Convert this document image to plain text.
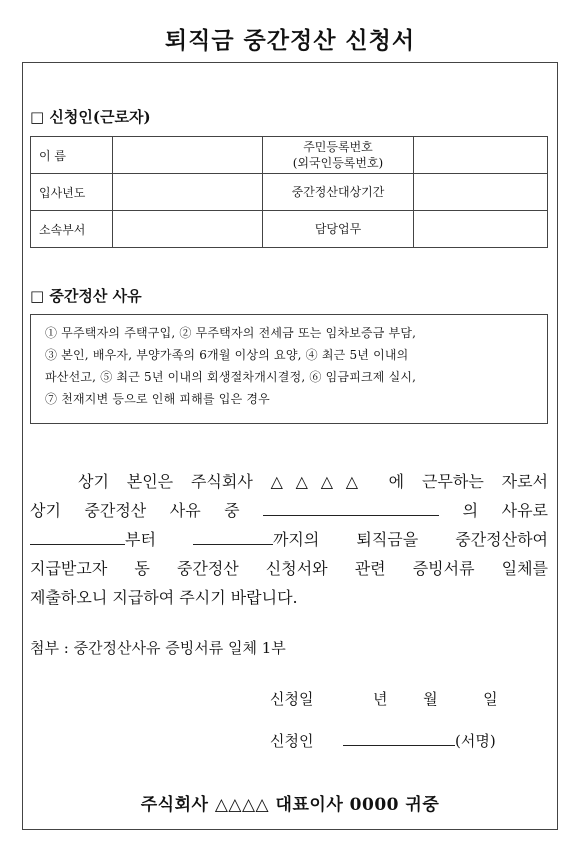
퇴직금 중간정산 신청서
□ 신청인(근로자)
이 름		주민등록번호
(외국인등록번호)	

입사년도		중간정산대상기간	
소속부서		담당업무	
□ 중간정산 사유
① 무주택자의 주택구입, ② 무주택자의 전세금 또는 임차보증금 부담,
③ 본인, 배우자, 부양가족의 6개월 이상의 요양, ④ 최근 5년 이내의
파산선고, ⑤ 최근 5년 이내의 회생절차개시결정, ⑥ 임금피크제 실시,
⑦ 천재지변 등으로 인해 피해를 입은 경우
상기 본인은 주식회사 △△△△ 에 근무하는 자로서
상기 중간정산 사유 중	의 사유로
부터	까지의 퇴직금을 중간정산하여
지급받고자 동 중간정산 신청서와 관련 증빙서류 일체를
제출하오니 지급하여 주시기 바랍니다.
첨부 : 중간정산사유 증빙서류 일체 1부
신청일	년 월	일
신청인	(서명)
주식회사 △△△△ 대표이사 0000 귀중
